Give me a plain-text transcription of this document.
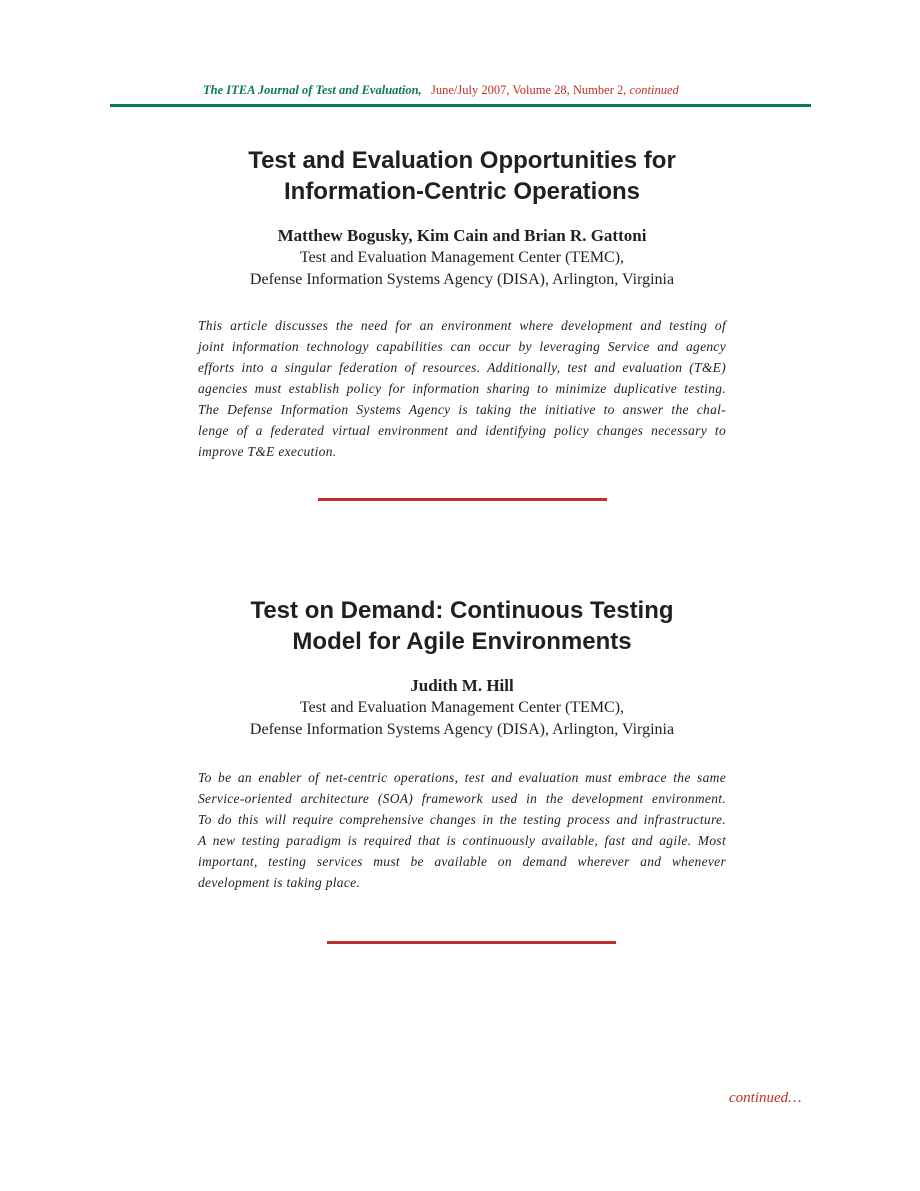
The ITEA Journal of Test and Evaluation, June/July 2007, Volume 28, Number 2, continued
Test and Evaluation Opportunities for
Information-Centric Operations
Matthew Bogusky, Kim Cain and Brian R. Gattoni
Test and Evaluation Management Center (TEMC),
Defense Information Systems Agency (DISA), Arlington, Virginia
This article discusses the need for an environment where development and testing of
joint information technology capabilities can occur by leveraging Service and agency
efforts into a singular federation of resources. Additionally, test and evaluation (T&E)
agencies must establish policy for information sharing to minimize duplicative testing.
The Defense Information Systems Agency is taking the initiative to answer the chal-
lenge of a federated virtual environment and identifying policy changes necessary to
improve T&E execution.
Test on Demand: Continuous Testing
Model for Agile Environments
Judith M. Hill
Test and Evaluation Management Center (TEMC),
Defense Information Systems Agency (DISA), Arlington, Virginia
To be an enabler of net-centric operations, test and evaluation must embrace the same
Service-oriented architecture (SOA) framework used in the development environment.
To do this will require comprehensive changes in the testing process and infrastructure.
A new testing paradigm is required that is continuously available, fast and agile. Most
important, testing services must be available on demand wherever and whenever
development is taking place.
continued…
